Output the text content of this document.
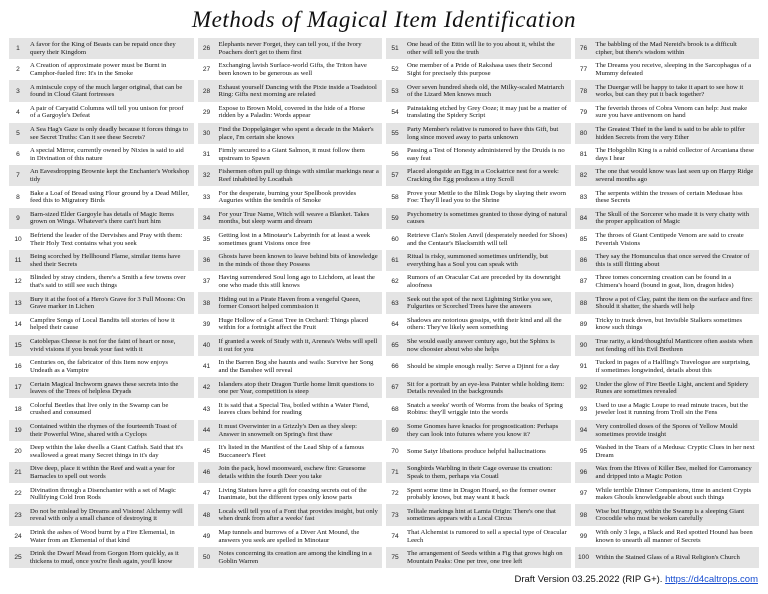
Methods of Magical Item Identification
1
A favor for the King of Beasts can be repaid once they query their Kingdom
2
A Creation of approximate power must be Burnt in Camphor-fueled fire: It's in the Smoke
3
A miniscule copy of the much larger original, that can be found in Cloud Giant fortresses
4
A pair of Caryatid Columns will tell you unison for proof of a Gargoyle's Defeat
5
A Sea Hag's Gaze is only deadly because it forces things to see Secret Truths: Can it see these Secrets?
6
A special Mirror, currently owned by Nixies is said to aid in Divination of this nature
7
An Eavesdropping Brownie kept the Enchanter's Workshop tidy
8
Bake a Loaf of Bread using Flour ground by a Dead Miller, feed this to Migratory Birds
9
Barn-sized Elder Gargoyle has details of Magic Items grown on Wings. Whatever's there can't hurt him
10
Befriend the leader of the Dervishes and Pray with them: Their Holy Text contains what you seek
11
Being scorched by Hellhound Flame, similar items have shed their Secrets
12
Blinded by stray cinders, there's a Smith a few towns over that's said to still see such things
13
Bury it at the foot of a Hero's Grave for 3 Full Moons: On Grave marker in Lichen
14
Campfire Songs of Local Bandits tell stories of how it helped their cause
15
Catoblepas Cheese is not for the faint of heart or nose, vivid visions if you break your fast with it
16
Centuries on, the fabricator of this Item now enjoys Undeath as a Vampire
17
Certain Magical Inchworm gnaws these secrets into the leaves of the Trees of helpless Dryads
18
Colorful Beetles that live only in the Swamp can be crushed and consumed
19
Contained within the rhymes of the fourteenth Toast of their Powerful Wine, shared with a Cyclops
20
Deep within the lake dwells a Giant Catfish. Said that it's swallowed a great many Secret things in it's day
21
Dive deep, place it within the Reef and wait a year for Barnacles to spell out words
22
Divination through a Disenchanter with a set of Magic Nullifying Cold Iron Rods
23
Do not be mislead by Dreams and Visions! Alchemy will reveal with only a small chance of destroying it
24
Drink the ashes of Wood burnt by a Fire Elemental, in Water from an Elemental of that kind
25
Drink the Dwarf Mead from Gorgon Horn quickly, as it thickens to mud, once you're flesh again, you'll know
26
Elephants never Forget, they can tell you, if the Ivory Poachers don't get to them first
27
Exchanging lavish Surface-world Gifts, the Triton have been known to be generous as well
28
Exhaust yourself Dancing with the Pixie inside a Toadstool Ring: Gifts next morning are related
29
Expose to Brown Mold, covered in the hide of a Horse ridden by a Paladin: Words appear
30
Find the Doppelgänger who spent a decade in the Maker's place, I'm certain she knows
31
Firmly secured to a Giant Salmon, it must follow them upstream to Spawn
32
Fishermen often pull up things with similar markings near a Reef inhabited by Locathah
33
For the desperate, burning your Spellbook provides Auguries within the tendrils of Smoke
34
For your True Name, Witch will weave a Blanket. Takes months, but sleep warm and dream
35
Getting lost in a Minotaur's Labyrinth for at least a week sometimes grant Visions once free
36
Ghosts have been known to leave behind bits of knowledge in the minds of those they Possess
37
Having surrendered Soul long ago to Lichdom, at least the one who made this still knows
38
Hiding out in a Pirate Haven from a vengeful Queen, former Consort helped commission it
39
Huge Hollow of a Great Tree in Orchard: Things placed within for a fortnight affect the Fruit
40
If granted a week of Study with it, Arenea's Webs will spell it out for you
41
In the Barren Bog she haunts and wails: Survive her Song and the Banshee will reveal
42
Islanders atop their Dragon Turtle home limit questions to one per Year, competition is steep
43
It is said that a Special Tea, boiled within a Water Fiend, leaves clues behind for reading
44
It must Overwinter in a Grizzly's Den as they sleep: Answer in snowmelt on Spring's first thaw
45
It's listed in the Manifest of the Lead Ship of a famous Buccaneer's Fleet
46
Join the pack, howl moonward, eschew fire: Gruesome details within the fourth Deer you take
47
Living Statues have a gift for coaxing secrets out of the Inanimate, but the different types only know parts
48
Locals will tell you of a Font that provides insight, but only when drunk from after a weeks' fast
49
Map tunnels and burrows of a Diver Ant Mound, the answers you seek are spelled in Minotaur
50
Notes concerning its creation are among the kindling in a Goblin Warren
51
One head of the Ettin will lie to you about it, whilst the other will tell you the truth
52
One member of a Pride of Rakshasa uses their Second Sight for precisely this purpose
53
Over seven hundred sheds old, the Milky-scaled Matriarch of the Lizard Men knows much
54
Painstaking etched by Grey Ooze; it may just be a matter of translating the Spidery Script
55
Party Member's relative is rumored to have this Gift, but long since moved away to parts unknown
56
Passing a Test of Honesty administered by the Druids is no easy feat
57
Placed alongside an Egg in a Cockatrice nest for a week: Cracking the Egg produces a tiny Scroll
58
Prove your Mettle to the Blink Dogs by slaying their sworn Foe: They'll lead you to the Shrine
59
Psychometry is sometimes granted to those dying of natural causes
60
Retrieve Clan's Stolen Anvil (desperately needed for Shoes) and the Centaur's Blacksmith will tell
61
Ritual is risky, summoned sometimes unfriendly, but everything has a Soul you can speak with
62
Rumors of an Oracular Cat are preceded by its downright aloofness
63
Seek out the spot of the next Lightning Strike you see, Fulgurites or Scorched Trees have the answers
64
Shadows are notorious gossips, with their kind and all the others: They've likely seen something
65
She would easily answer century ago, but the Sphinx is now choosier about who she helps
66	Should be simple enough really: Serve a Djinni for a day
67
Sit for a portrait by an eye-less Painter while holding item: Details revealed in the backgrounds
68
Snatch a weeks' worth of Worms from the beaks of Spring Robins: they'll wriggle into the words
69
Some Gnomes have knacks for prognostication: Perhaps they can look into futures where you know it?
70	Some Satyr libations produce helpful hallucinations
71
Songbirds Warbling in their Cage overuse its creation: Speak to them, perhaps via Couatl
72
Spent some time in Dragon Hoard, so the former owner probably knows, but may want it back
73
Telltale markings hint at Lamia Origin: There's one that sometimes appears with a Local Circus
74
That Alchemist is rumored to sell a special type of Oracular Leech
75
The arrangement of Seeds within a Fig that grows high on Mountain Peaks: One per tree, one tree left
76
The babbling of the Mad Nereid's brook is a difficult cipher, but there's wisdom within
77
The Dreams you receive, sleeping in the Sarcophagus of a Mummy defeated
78
The Duergar will be happy to take it apart to see how it works, but can they put it back together?
79
The feverish throes of Cobra Venom can help: Just make sure you have antivenom on hand
80
The Greatest Thief in the land is said to be able to pilfer hidden Secrets from the very Ether
81
The Hobgoblin King is a rabid collector of Arcaniana these days I hear
82
The one that would know was last seen up on Harpy Ridge several months ago
83
The serpents within the tresses of certain Medusae hiss these Secrets
84
The Skull of the Sorcerer who made it is very chatty with the proper application of Magic
85
The throes of Giant Centipede Venom are said to create Feverish Visions
86
They say the Homunculus that once served the Creator of this is still flitting about
87
Three tomes concerning creation can be found in a Chimera's hoard (bound in goat, lion, dragon hides)
88
Throw a pot of Clay, paint the item on the surface and fire: Should it shatter, the shards will help
89
Tricky to track down, but Invisible Stalkers sometimes know such things
90
True rarity, a kind/thoughtful Manticore often assists when not fending off his Evil Brethren
91
Tucked in pages of a Halfling's Travelogue are surprising, if sometimes longwinded, details about this
92
Under the glow of Fire Beetle Light, ancient and Spidery Runes are sometimes revealed
93
Used to use a Magic Loupe to read minute traces, but the jeweler lost it running from Troll sin the Fens
94
Very controlled doses of the Spores of Yellow Mould sometimes provide insight
95
Washed in the Tears of a Medusa: Cryptic Clues in her next Dream
96
Wax from the Hives of Killer Bee, melted for Carromancy and dripped into a Magic Potion
97
While terrible Dinner Companions, time in ancient Crypts makes Ghouls knowledgeable about such things
98
Wise but Hungry, within the Swamp is a sleeping Giant Crocodile who must be woken carefully
99
With only 3 legs, a Black and Red spotted Hound has been known to unearth all manner of Secrets
100 Within the Stained Glass of a Rival Religion's Church
Draft Version 03.25.2022 (RIP G+). https://d4caltrops.com
